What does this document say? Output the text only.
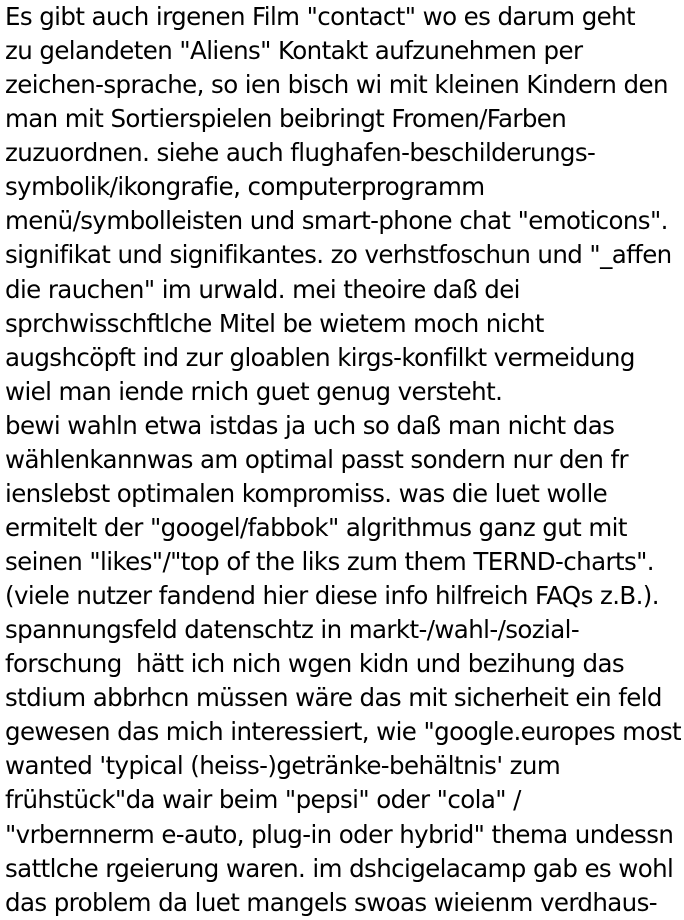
Es gibt auch irgenen Film "contact" wo es darum geht
zu gelandeten "Aliens" Kontakt aufzunehmen per
zeichen-sprache, so ien bisch wi mit kleinen Kindern den
man mit Sortierspielen beibringt Fromen/Farben
zuzuordnen. siehe auch flughafen-beschilderungs-
symbolik/ikongrafie, computerprogramm
menü/symbolleisten und smart-phone chat "emoticons".
signifikat und signifikantes. zo verhstfoschun und "_affen
die rauchen" im urwald. mei theoire daß dei
sprchwisschftlche Mitel be wietem moch nicht
augshcöpft ind zur gloablen kirgs-konfilkt vermeidung
wiel man iende rnich guet genug versteht.
bewi wahln etwa istdas ja uch so daß man nicht das
wählenkannwas am optimal passt sondern nur den fr
ienslebst optimalen kompromiss. was die luet wolle
ermitelt der "googel/fabbok" algrithmus ganz gut mit
seinen "likes"/"top of the liks zum them TERND-charts".
(viele nutzer fandend hier diese info hilfreich FAQs z.B.).
spannungsfeld datenschtz in markt-/wahl-/sozial-
forschung  hätt ich nich wgen kidn und bezihung das
stdium abbrhcn müssen wäre das mit sicherheit ein feld
gewesen das mich interessiert, wie "google.europes most
wanted 'typical (heiss-)getränke-behältnis' zum
frühstück"da wair beim "pepsi" oder "cola" /
"vrbernnerm e-auto, plug-in oder hybrid" thema undessn
sattlche rgeierung waren. im dshcigelacamp gab es wohl
das problem da luet mangels swoas wieienm verdhaus-
